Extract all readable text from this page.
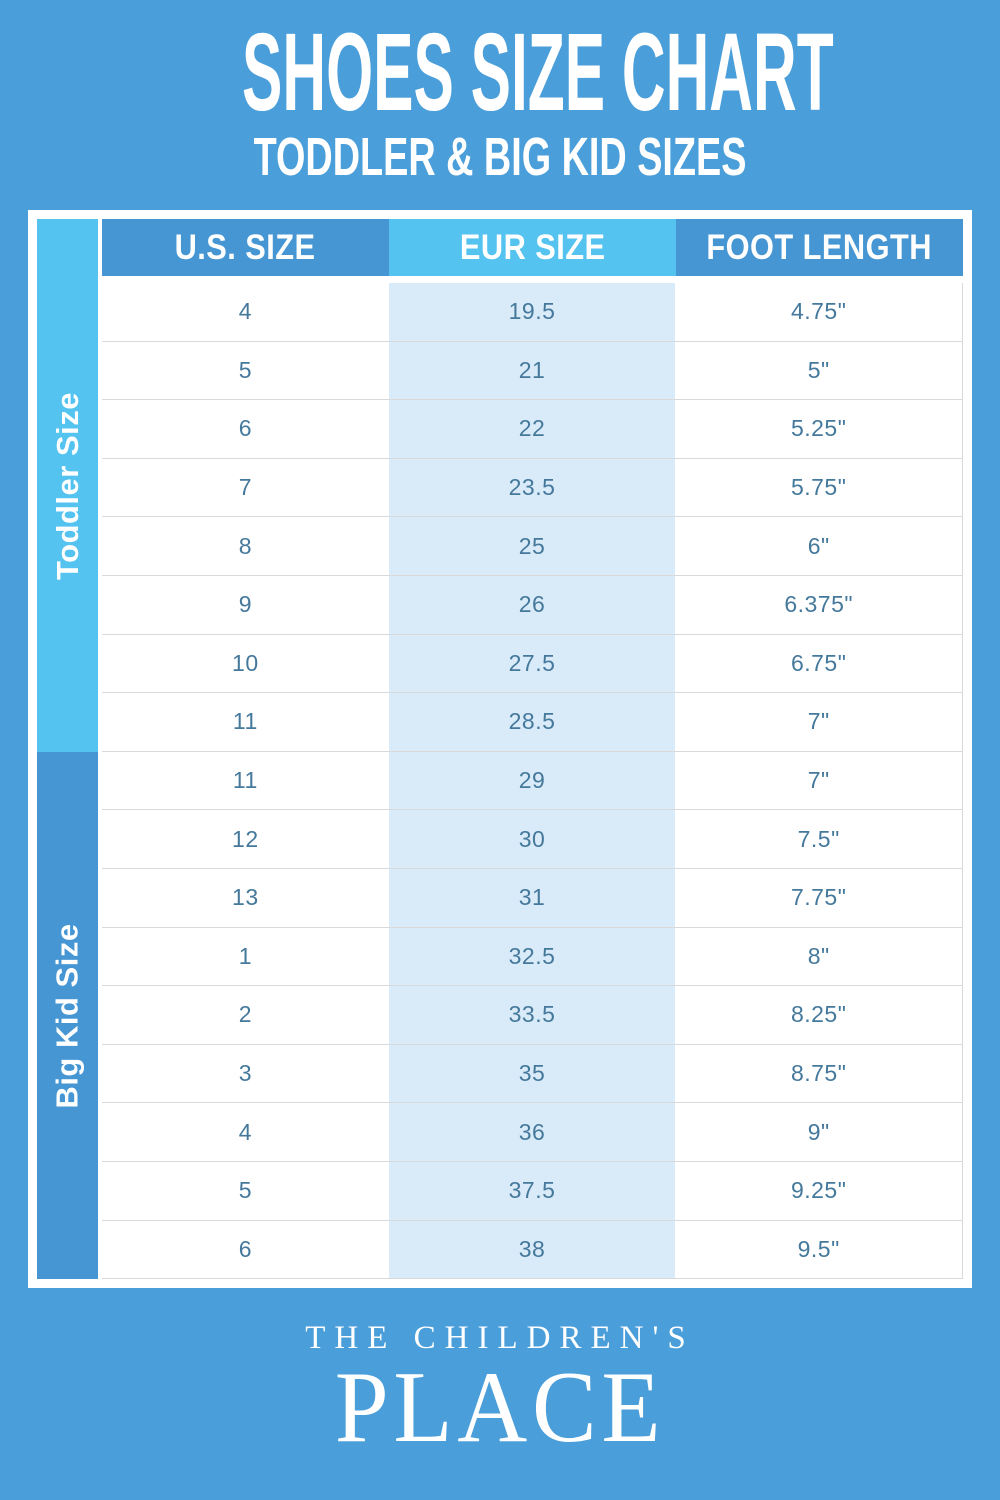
SHOES SIZE CHART
TODDLER & BIG KID SIZES
Toddler Size
Big Kid Size
U.S. SIZE	EUR SIZE	FOOT LENGTH
4	19.5	4.75"
5	21	5"
6	22	5.25"
7	23.5	5.75"
8	25	6"
9	26	6.375"
10	27.5	6.75"
11	28.5	7"
11	29	7"
12	30	7.5"
13	31	7.75"
1	32.5	8"
2	33.5	8.25"
3	35	8.75"
4	36	9"
5	37.5	9.25"
6	38	9.5"
THE CHILDREN'S
PLACE
